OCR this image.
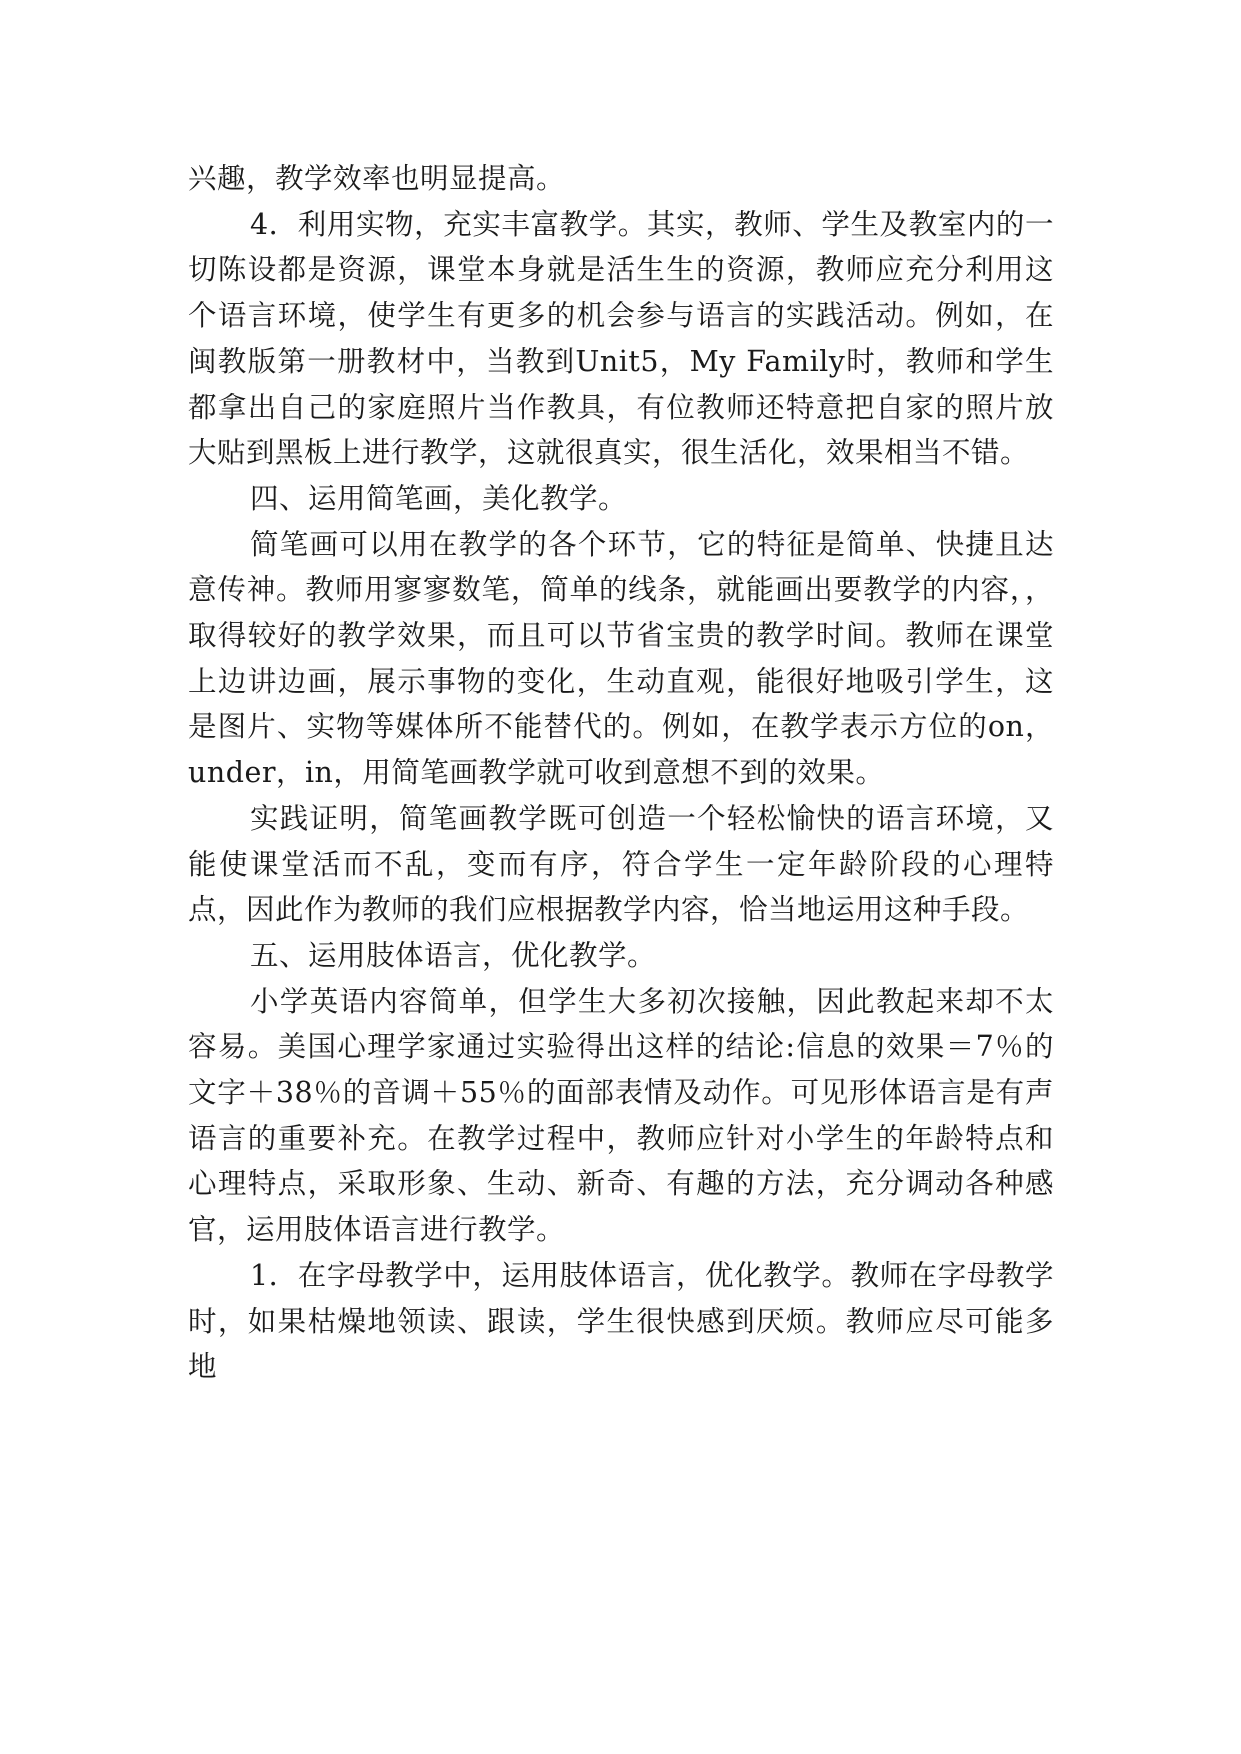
兴趣，教学效率也明显提高。

4．利用实物，充实丰富教学。其实，教师、学生及教室内的一切陈设都是资源，课堂本身就是活生生的资源，教师应充分利用这个语言环境，使学生有更多的机会参与语言的实践活动。例如，在闽教版第一册教材中，当教到Unit5，My Family时，教师和学生都拿出自己的家庭照片当作教具，有位教师还特意把自家的照片放大贴到黑板上进行教学，这就很真实，很生活化，效果相当不错。

四、运用简笔画，美化教学。

简笔画可以用在教学的各个环节，它的特征是简单、快捷且达意传神。教师用寥寥数笔，简单的线条，就能画出要教学的内容，，取得较好的教学效果，而且可以节省宝贵的教学时间。教师在课堂上边讲边画，展示事物的变化，生动直观，能很好地吸引学生，这是图片、实物等媒体所不能替代的。例如，在教学表示方位的on，under，in，用简笔画教学就可收到意想不到的效果。

实践证明，简笔画教学既可创造一个轻松愉快的语言环境，又能使课堂活而不乱，变而有序，符合学生一定年龄阶段的心理特点，因此作为教师的我们应根据教学内容，恰当地运用这种手段。

五、运用肢体语言，优化教学。

小学英语内容简单，但学生大多初次接触，因此教起来却不太容易。美国心理学家通过实验得出这样的结论:信息的效果＝7％的文字＋38％的音调＋55％的面部表情及动作。可见形体语言是有声语言的重要补充。在教学过程中，教师应针对小学生的年龄特点和心理特点，采取形象、生动、新奇、有趣的方法，充分调动各种感官，运用肢体语言进行教学。

1．在字母教学中，运用肢体语言，优化教学。教师在字母教学时，如果枯燥地领读、跟读，学生很快感到厌烦。教师应尽可能多地
